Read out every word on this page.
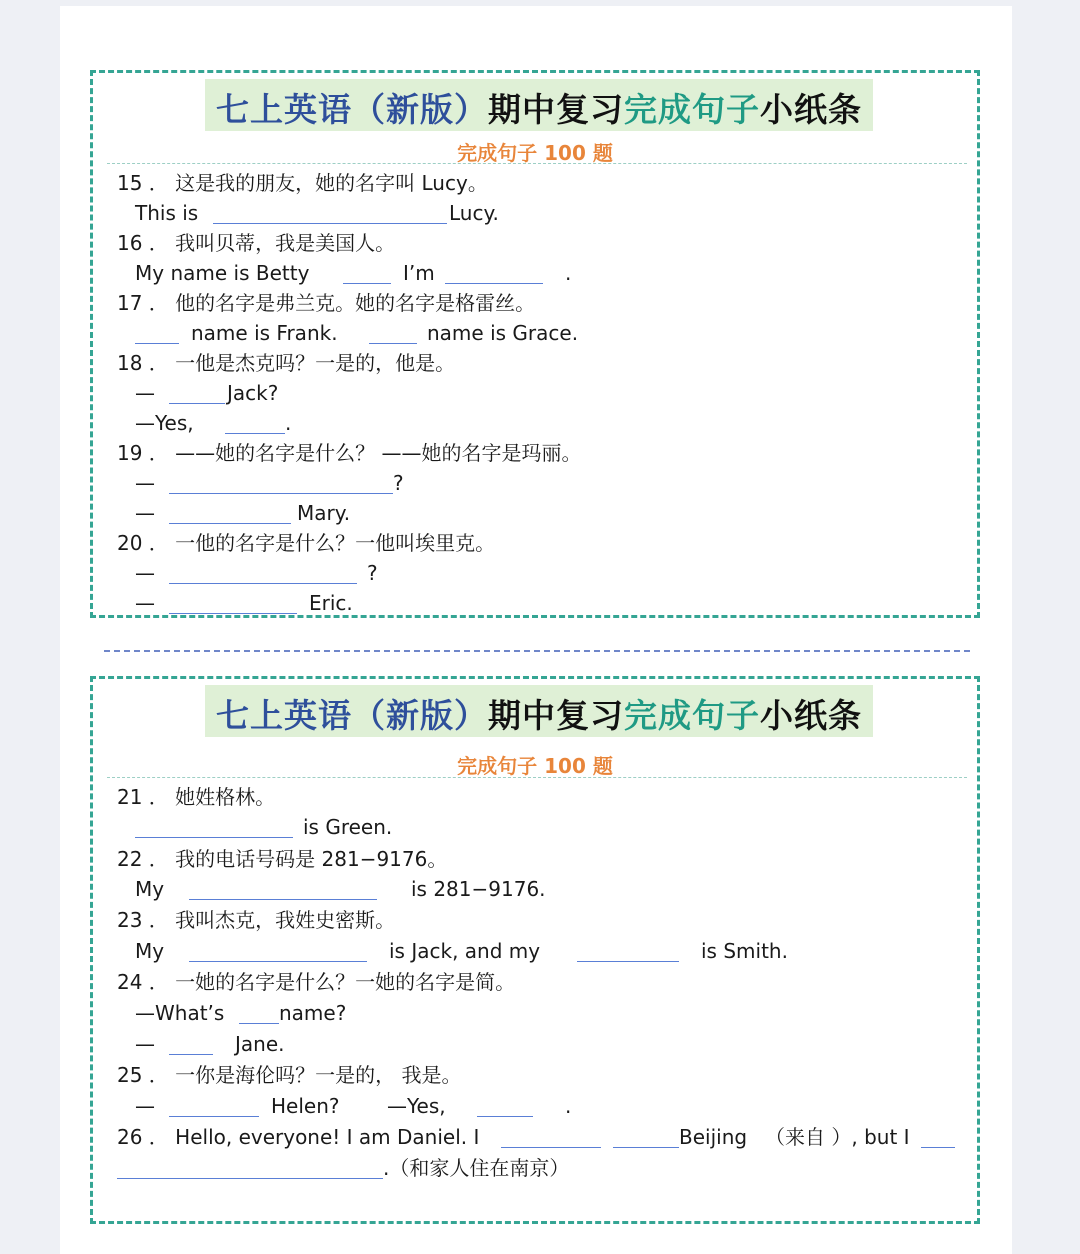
七上英语（新版）期中复习完成句子小纸条
完成句子 100 题
15 ． 这是我的朋友，她的名字叫 Lucy。
This is	Lucy.
16 ． 我叫贝蒂，我是美国人。
My name is Betty	I’m	.
17 ． 他的名字是弗兰克。她的名字是格雷丝。
name is Frank.	name is Grace.
18 ． 一他是杰克吗？一是的，他是。
—	Jack?
—Yes,	.
19 ． ——她的名字是什么？ ——她的名字是玛丽。
—	?
—	Mary.
20 ． 一他的名字是什么？一他叫埃里克。
—	?
—	Eric.
七上英语（新版）期中复习完成句子小纸条
完成句子 100 题
21 ． 她姓格林。
is Green.
22 ． 我的电话号码是 281−9176。
My	is 281−9176.
23 ． 我叫杰克，我姓史密斯。
My	is Jack, and my	is Smith.
24 ． 一她的名字是什么？一她的名字是简。
—What’s	name?
—	Jane.
25 ． 一你是海伦吗？一是的， 我是。
—	Helen? —Yes,	.
26 ． Hello, everyone! I am Daniel. I	Beijing （来自 ）, but I
.（和家人住在南京）
